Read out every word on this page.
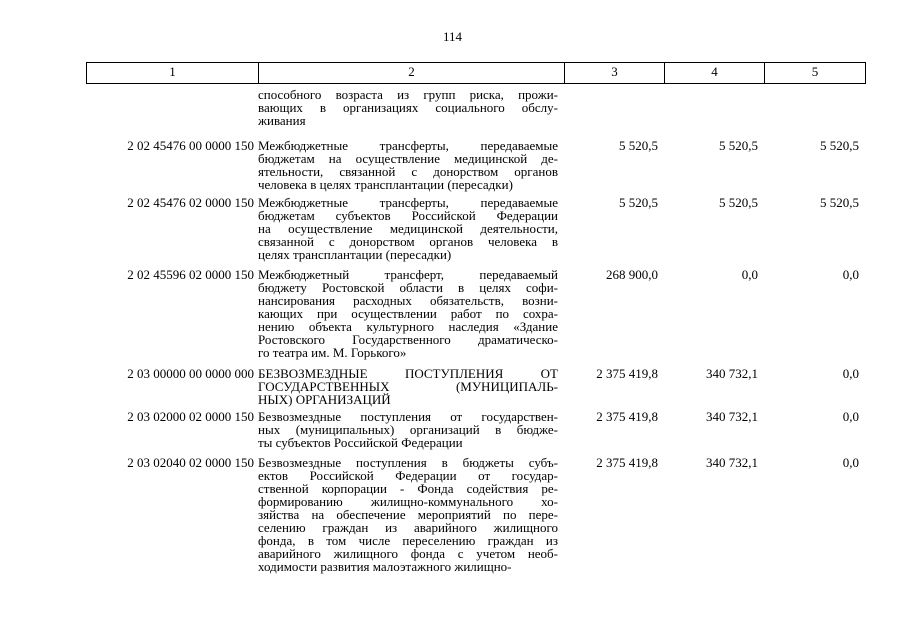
114
1	2	3	4	5
способного возраста из групп риска, прожи-
вающих в организациях социального обслу-
живания
2 02 45476 00 0000 150 Межбюджетные трансферты, передаваемые
бюджетам на осуществление медицинской де-
ятельности, связанной с донорством органов
человека в целях трансплантации (пересадки)
5 520,5	5 520,5	5 520,5
2 02 45476 02 0000 150 Межбюджетные трансферты, передаваемые
бюджетам субъектов Российской Федерации
на осуществление медицинской деятельности,
связанной с донорством органов человека в
целях трансплантации (пересадки)
5 520,5	5 520,5	5 520,5
2 02 45596 02 0000 150 Межбюджетный трансферт, передаваемый
бюджету Ростовской области в целях софи-
нансирования расходных обязательств, возни-
кающих при осуществлении работ по сохра-
нению объекта культурного наследия «Здание
Ростовского Государственного драматическо-
го театра им. М. Горького»
268 900,0	0,0	0,0
2 03 00000 00 0000 000 БЕЗВОЗМЕЗДНЫЕ ПОСТУПЛЕНИЯ ОТ
ГОСУДАРСТВЕННЫХ (МУНИЦИПАЛЬ-
НЫХ) ОРГАНИЗАЦИЙ
2 375 419,8	340 732,1	0,0
2 03 02000 02 0000 150 Безвозмездные поступления от государствен-
ных (муниципальных) организаций в бюдже-
ты субъектов Российской Федерации
2 375 419,8	340 732,1	0,0
2 03 02040 02 0000 150 Безвозмездные поступления в бюджеты субъ-
ектов Российской Федерации от государ-
ственной корпорации - Фонда содействия ре-
формированию жилищно-коммунального хо-
зяйства на обеспечение мероприятий по пере-
селению граждан из аварийного жилищного
фонда, в том числе переселению граждан из
аварийного жилищного фонда с учетом необ-
ходимости развития малоэтажного жилищно-
2 375 419,8	340 732,1	0,0
